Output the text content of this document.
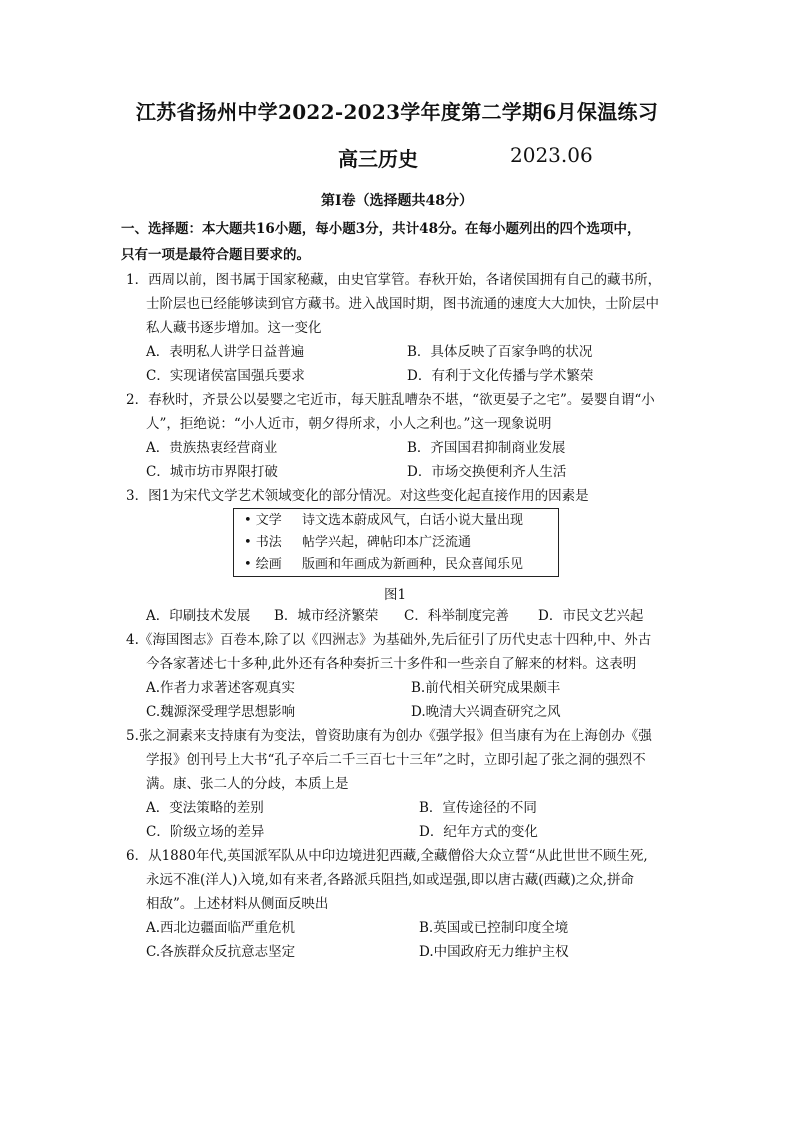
江苏省扬州中学2022-2023学年度第二学期6月保温练习
高三历史	2023.06
第Ⅰ卷（选择题共48分）
一、选择题：本大题共16小题，每小题3分，共计48分。在每小题列出的四个选项中，
只有一项是最符合题目要求的。
1．西周以前，图书属于国家秘藏，由史官掌管。春秋开始，各诸侯国拥有自己的藏书所，
士阶层也已经能够读到官方藏书。进入战国时期，图书流通的速度大大加快，士阶层中
私人藏书逐步增加。这一变化
A．表明私人讲学日益普遍	B．具体反映了百家争鸣的状况
C．实现诸侯富国强兵要求	D．有利于文化传播与学术繁荣
2．春秋时，齐景公以晏婴之宅近市，每天脏乱嘈杂不堪，“欲更晏子之宅”。晏婴自谓“小
人”，拒绝说：“小人近市，朝夕得所求，小人之利也。”这一现象说明
A．贵族热衷经营商业	B．齐国国君抑制商业发展
C．城市坊市界限打破	D．市场交换便利齐人生活
3．图1为宋代文学艺术领域变化的部分情况。对这些变化起直接作用的因素是
• 文学 诗文选本蔚成风气，白话小说大量出现
• 书法 帖学兴起，碑帖印本广泛流通
• 绘画 版画和年画成为新画种，民众喜闻乐见
图1
A．印刷技术发展 B．城市经济繁荣 C．科举制度完善 D．市民文艺兴起
4.《海国图志》百卷本,除了以《四洲志》为基础外,先后征引了历代史志十四种,中、外古
今各家著述七十多种,此外还有各种奏折三十多件和一些亲自了解来的材料。这表明
A.作者力求著述客观真实	B.前代相关研究成果颇丰
C.魏源深受理学思想影响	D.晚清大兴调查研究之风
5.张之洞素来支持康有为变法，曾资助康有为创办《强学报》但当康有为在上海创办《强
学报》创刊号上大书“孔子卒后二千三百七十三年”之时，立即引起了张之洞的强烈不
满。康、张二人的分歧，本质上是
A．变法策略的差别	B．宣传途径的不同
C．阶级立场的差异	D．纪年方式的变化
6．从1880年代,英国派军队从中印边境进犯西藏,全藏僧俗大众立誓“从此世世不顾生死,
永远不准(洋人)入境,如有来者,各路派兵阻挡,如或逞强,即以唐古藏(西藏)之众,拼命
相敌”。上述材料从侧面反映出
A.西北边疆面临严重危机	B.英国或已控制印度全境
C.各族群众反抗意志坚定	D.中国政府无力维护主权
